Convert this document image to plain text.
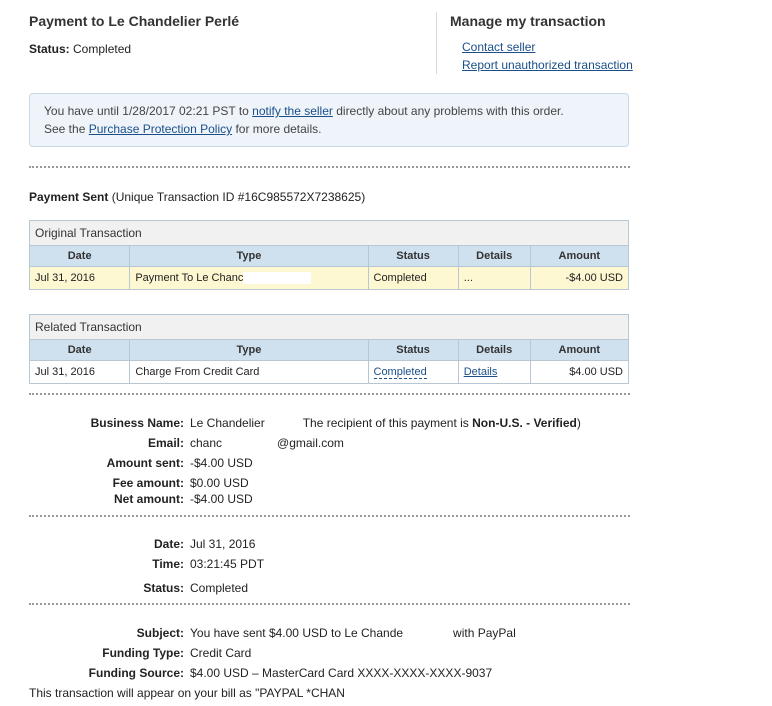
Payment to Le Chandelier Perlé
Status: Completed
Manage my transaction
Contact seller
Report unauthorized transaction
You have until 1/28/2017 02:21 PST to notify the seller directly about any problems with this order.
See the Purchase Protection Policy for more details.
Payment Sent (Unique Transaction ID #16C985572X7238625)
Original Transaction				
Date	Type	Status	Details	Amount
Jul 31, 2016	Payment To Le Chanc	Completed	...	-$4.00 USD
Related Transaction				
Date	Type	Status	Details	Amount
Jul 31, 2016	Charge From Credit Card	Completed	Details	$4.00 USD
Business Name: Le Chandelier	The recipient of this payment is Non-U.S. - Verified)
Email: chanc	@gmail.com
Amount sent: -$4.00 USD
Fee amount: $0.00 USD
Net amount: -$4.00 USD
Date: Jul 31, 2016
Time: 03:21:45 PDT
Status: Completed
Subject: You have sent $4.00 USD to Le Chande	with PayPal
Funding Type: Credit Card
Funding Source: $4.00 USD – MasterCard Card XXXX-XXXX-XXXX-9037
This transaction will appear on your bill as "PAYPAL *CHAN
